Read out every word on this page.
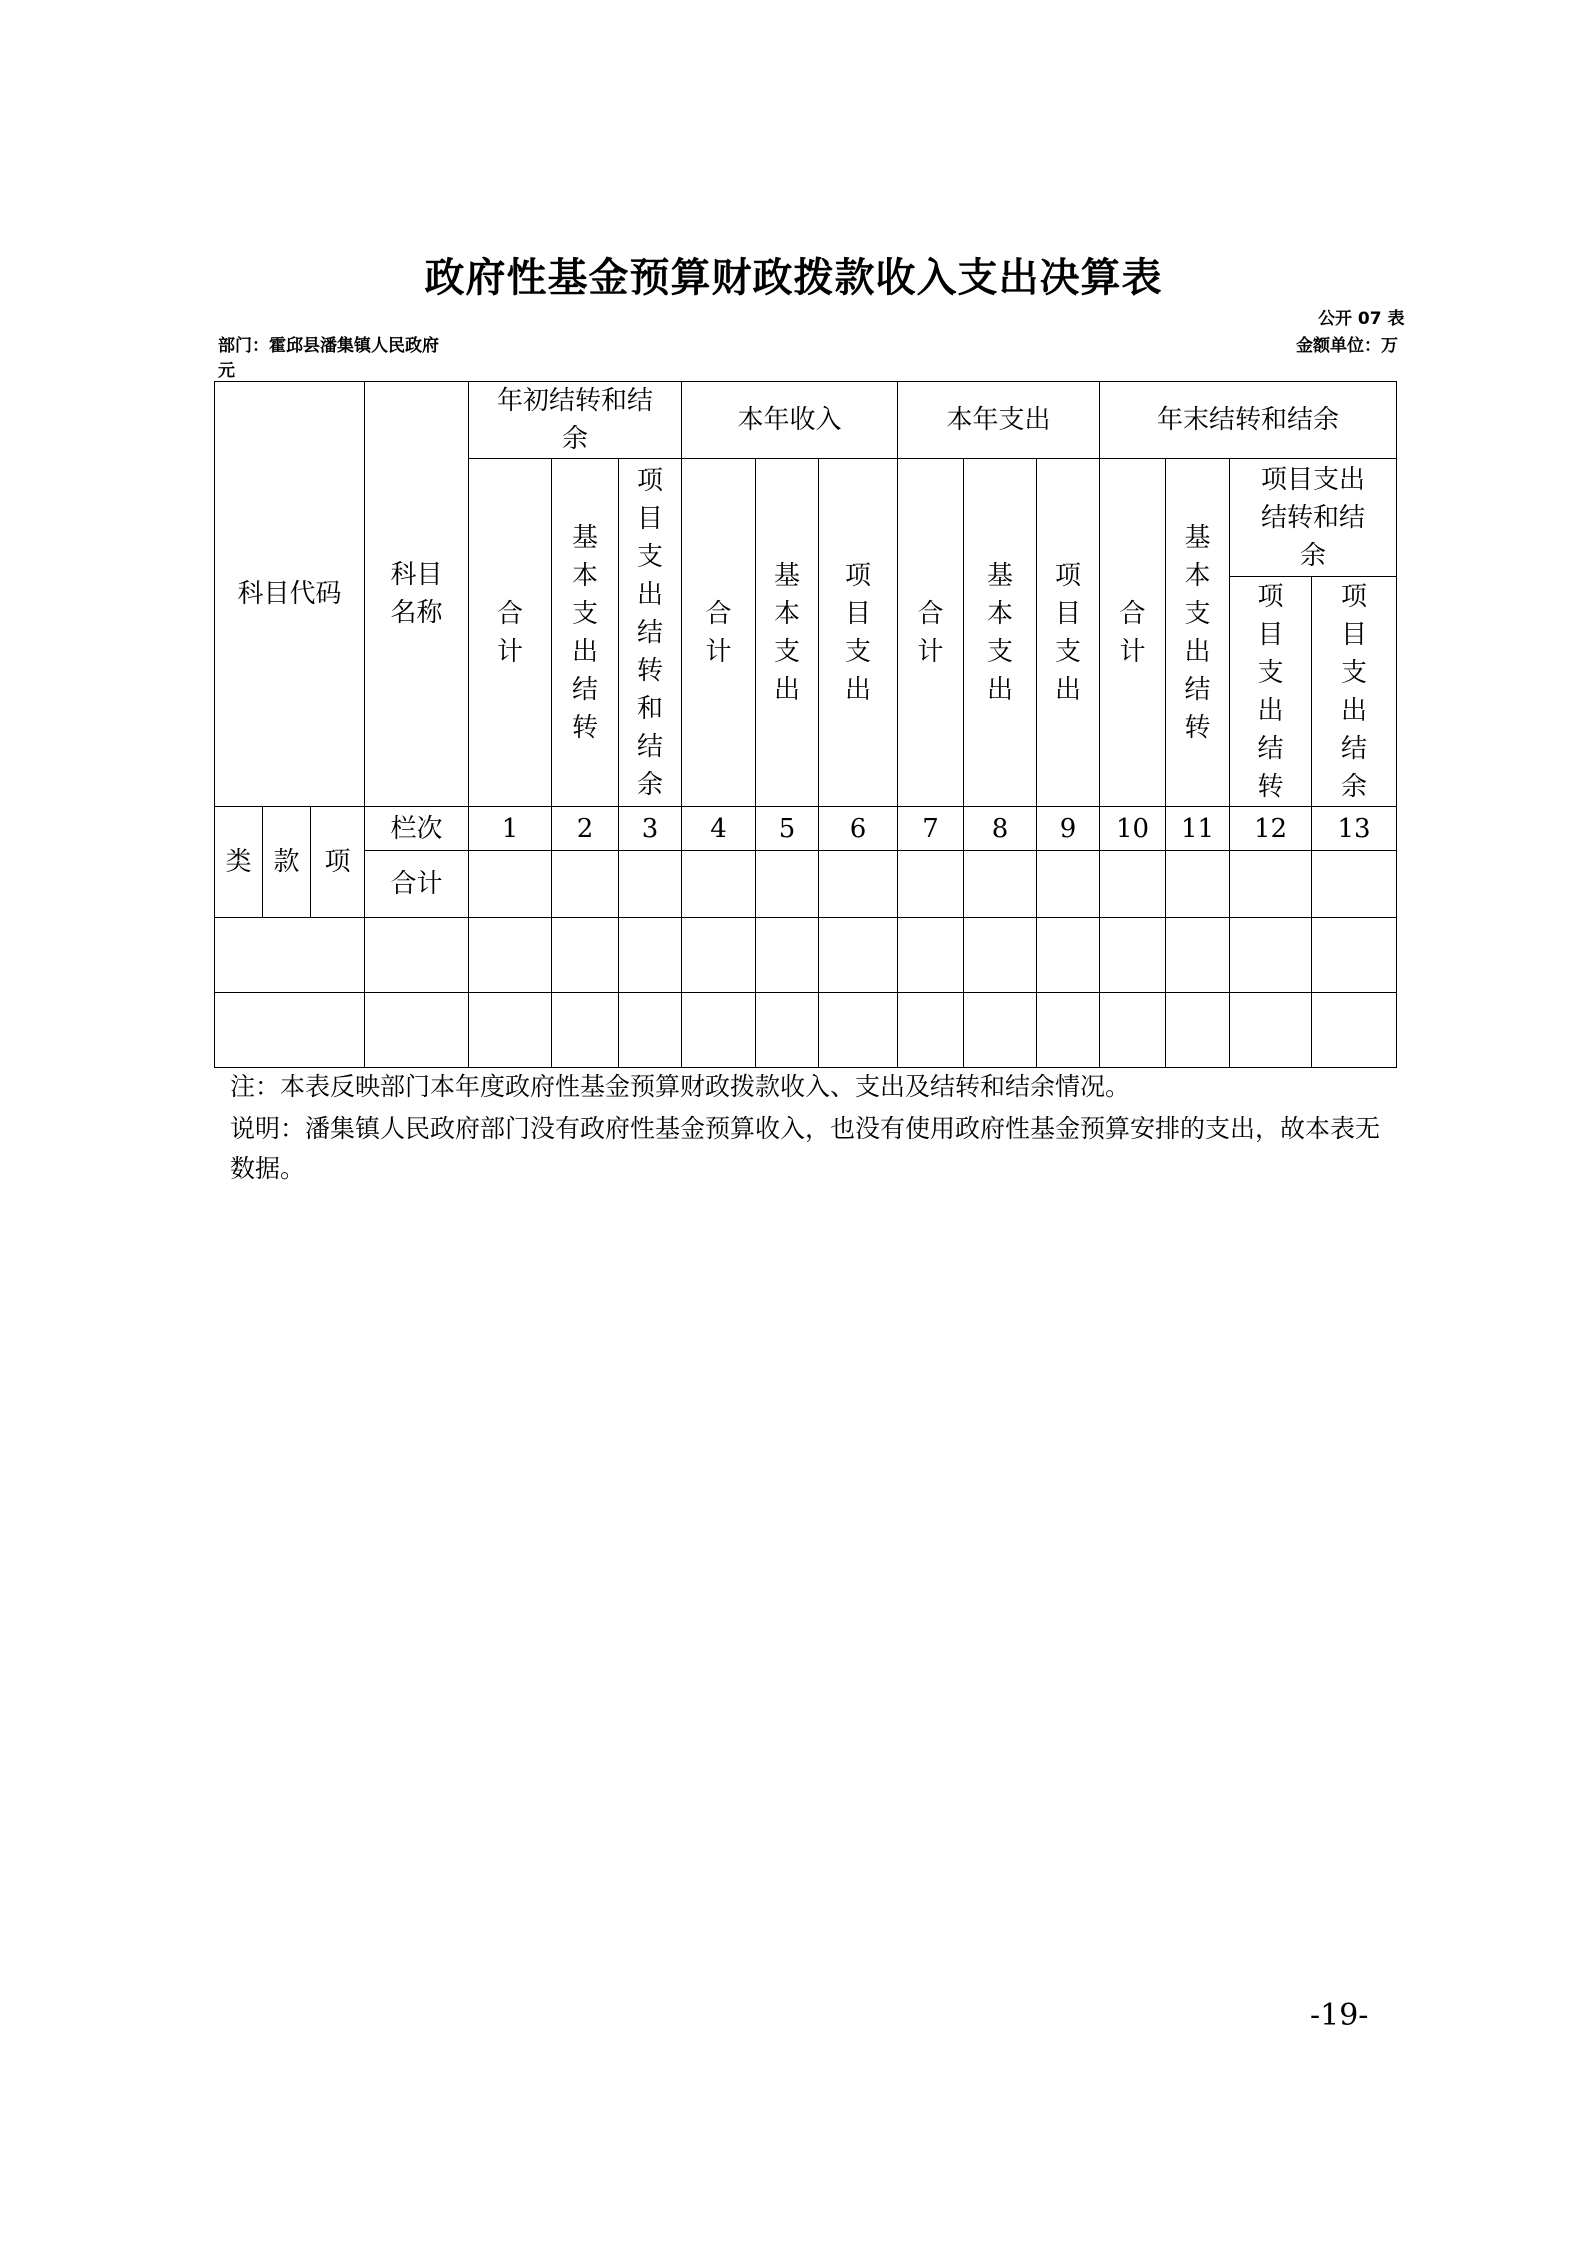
政府性基金预算财政拨款收入支出决算表
公开 07 表
部门：霍邱县潘集镇人民政府	金额单位：万
元
科目代码			科目名称	年初结转和结余			本年收入			本年支出			年末结转和结余			
				合计	基本支出结转	项目支出结转和结余	合计	基本支出	项目支出	合计	基本支出	项目支出	合计	基本支出结转	项目支出结转和结余	
															项目支出结转	项目支出结余
类	款	项	栏次	1	2	3	4	5	6	7	8	9	10	11	12	13
			合计													

注：本表反映部门本年度政府性基金预算财政拨款收入、支出及结转和结余情况。
说明：潘集镇人民政府部门没有政府性基金预算收入，也没有使用政府性基金预算安排的支出，故本表无数据。
-19-
